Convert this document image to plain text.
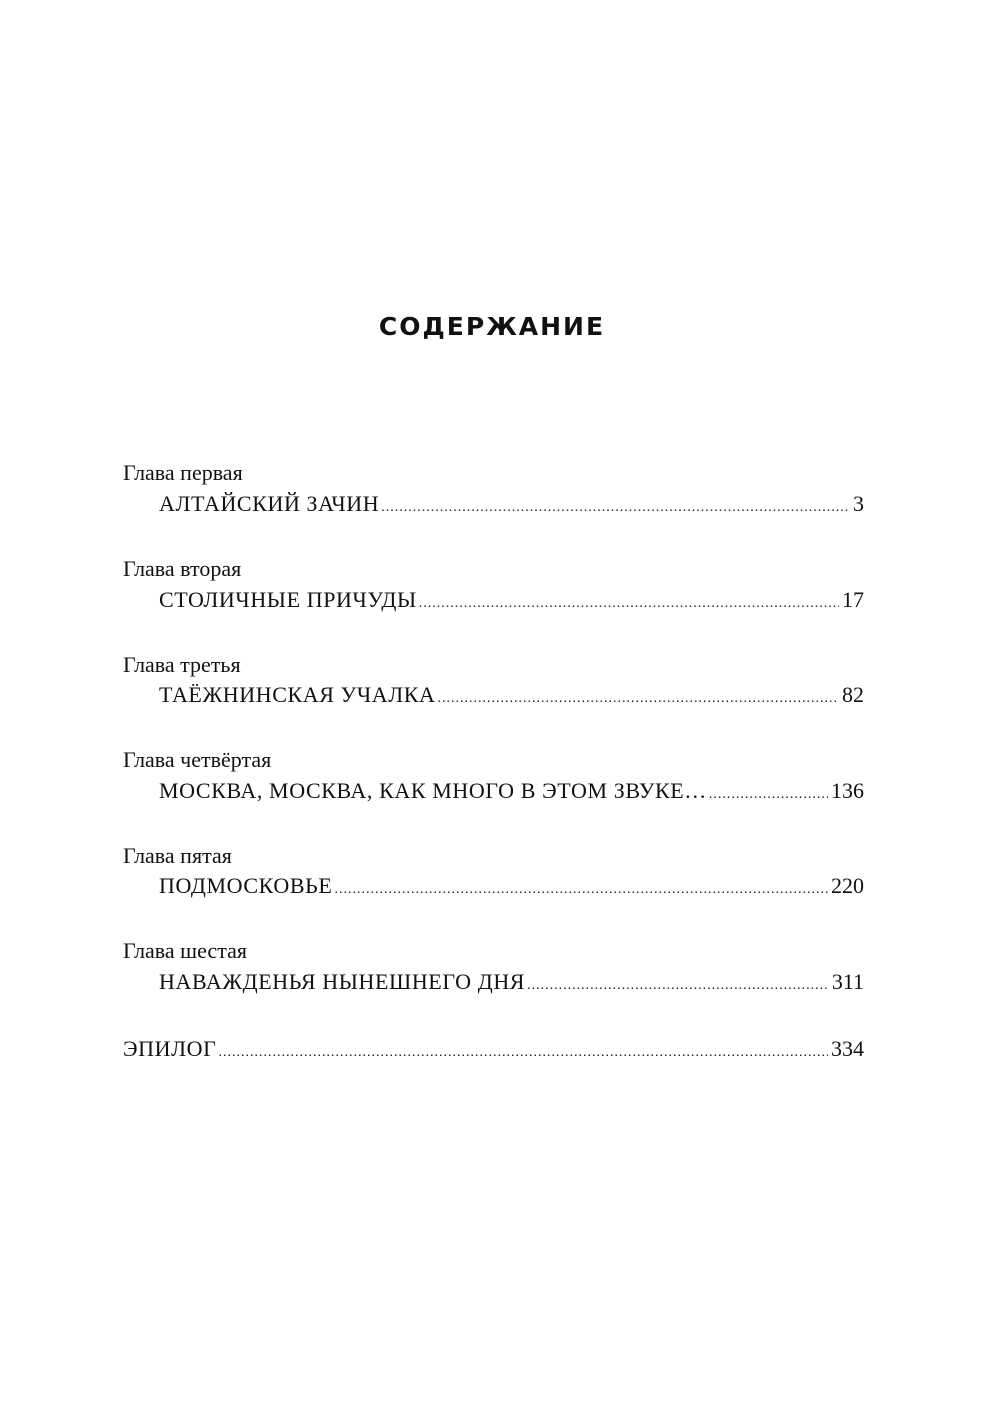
СОДЕРЖАНИЕ
Глава первая
АЛТАЙСКИЙ ЗАЧИН .....	3
Глава вторая
СТОЛИЧНЫЕ ПРИЧУДЫ .....	17
Глава третья
ТАЁЖНИНСКАЯ УЧАЛКА .....	82
Глава четвёртая
МОСКВА, МОСКВА, КАК МНОГО В ЭТОМ ЗВУКЕ… .....	136
Глава пятая
ПОДМОСКОВЬЕ .....	220
Глава шестая
НАВАЖДЕНЬЯ НЫНЕШНЕГО ДНЯ .....	311
ЭПИЛОГ .....	334
